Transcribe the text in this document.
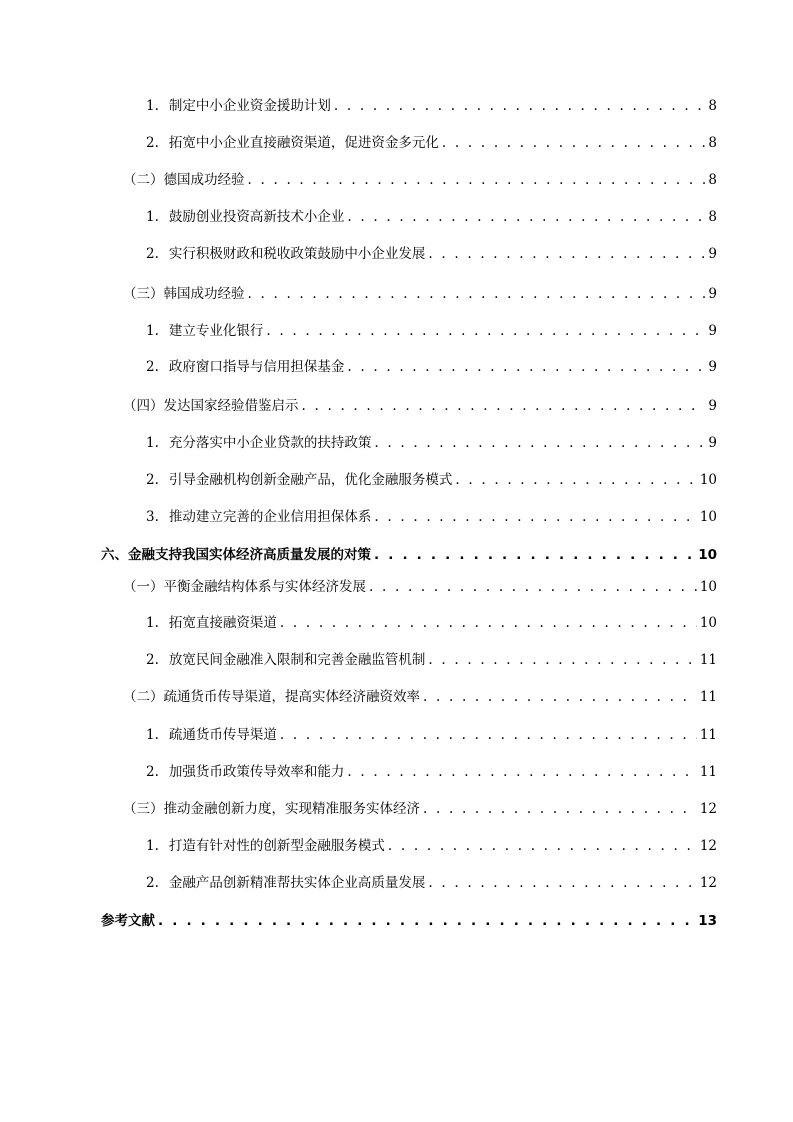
1. 制定中小企业资金援助计划 . . .	8
2. 拓宽中小企业直接融资渠道，促进资金多元化 . . .	8
（二） 德国成功经验 . . .	8
1. 鼓励创业投资高新技术小企业 . . .	8
2. 实行积极财政和税收政策鼓励中小企业发展 . . .	9
（三） 韩国成功经验 . . .	9
1. 建立专业化银行 . . .	9
2. 政府窗口指导与信用担保基金 . . .	9
（四） 发达国家经验借鉴启示 . . .	9
1. 充分落实中小企业贷款的扶持政策 . . .	9
2. 引导金融机构创新金融产品，优化金融服务模式 . . .	10
3. 推动建立完善的企业信用担保体系 . . .	10
六、 金融支持我国实体经济高质量发展的对策 . . .	10
（一） 平衡金融结构体系与实体经济发展 . . .	10
1. 拓宽直接融资渠道 . . .	10
2. 放宽民间金融准入限制和完善金融监管机制 . . .	11
（二） 疏通货币传导渠道，提高实体经济融资效率 . . .	11
1. 疏通货币传导渠道 . . .	11
2. 加强货币政策传导效率和能力 . . .	11
（三） 推动金融创新力度，实现精准服务实体经济 . . .	12
1. 打造有针对性的创新型金融服务模式 . . .	12
2. 金融产品创新精准帮扶实体企业高质量发展 . . .	12
参考文献 . . .	13
